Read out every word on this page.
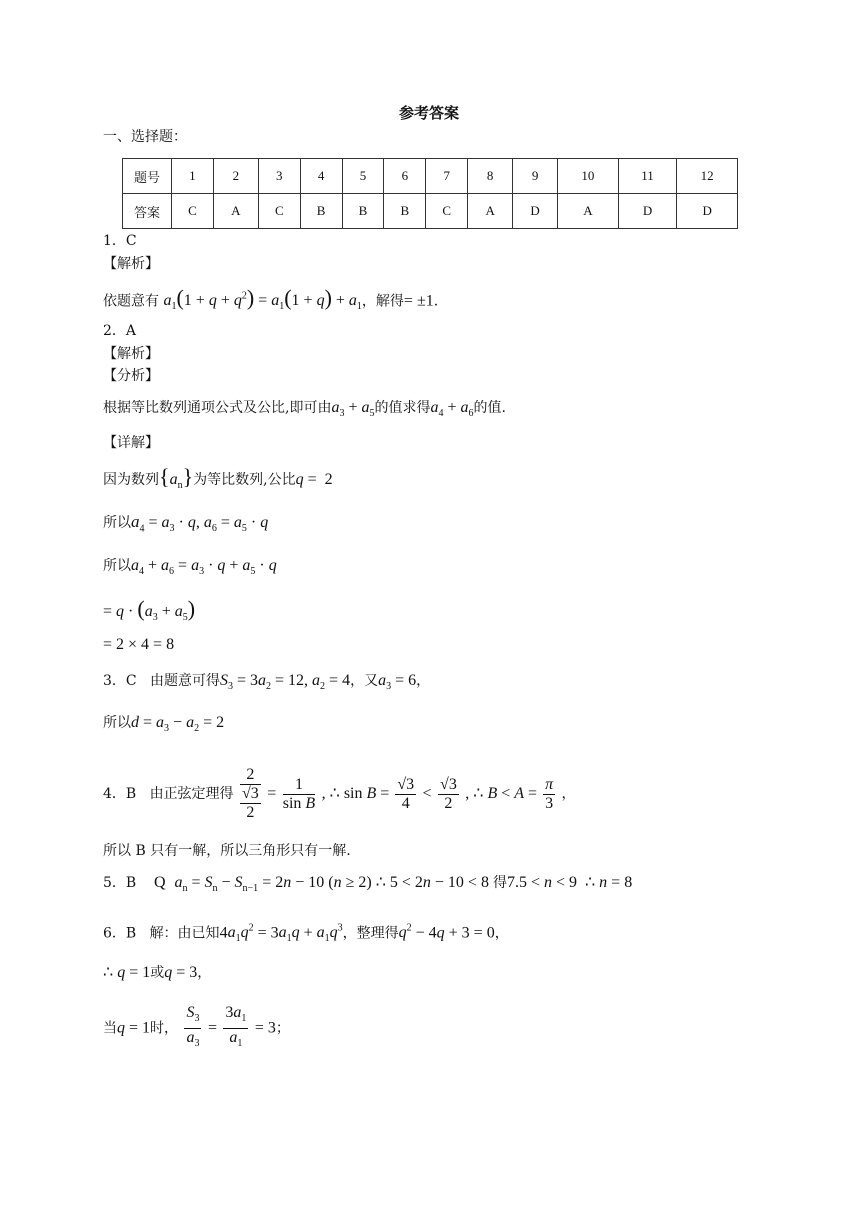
参考答案
一、选择题：
题号	1	2	3	4	5	6	7	8	9	10	11	12
答案	C	A	C	B	B	B	C	A	D	A	D	D
1．C
【解析】
依题意有 $a_1(1 + q + q^2) = a_1(1 + q) + a_1$，解得= ±1.
2．A
【解析】
【分析】
根据等比数列通项公式及公比,即可由$a_3 + a_5$的值求得$a_4 + a_6$的值.
【详解】
因为数列$\{a_n\}$为等比数列,公比q =  2
所以$a_4 = a_3 \cdot q$, $a_6 = a_5 \cdot q$
所以$a_4 + a_6 = a_3 \cdot q + a_5 \cdot q$
= $q \cdot (a_3 + a_5)$
= 2 × 4 = 8
3．C 由题意可得$S_3 = 3a_2 = 12$, $a_2 = 4$，又$a_3 = 6$，
所以$d = a_3 - a_2 = 2$
4．B 由正弦定理得 $\frac{2}{\frac{√3}{2}} = \frac{1}{\text{sin B}}$ , ∴ $\sin B = \frac{√3}{4} < \frac{√3}{2}$ , ∴ $B < A = \frac{\pi}{3}$ ，
所以 B 只有一解，所以三角形只有一解.
5．B Q $a_n = S_n - S_{n-1} = 2n - 10$ (n ≥ 2) ∴ 5 < 2n − 10 < 8 得7.5 < n < 9  ∴ n = 8
6．B 解：由已知$4a_1q^2 = 3a_1q + a_1q^3$，整理得$q^2 - 4q + 3 = 0$，
∴ q = 1或q = 3，
当q = 1时， $\frac{S_3}{a_3} = \frac{3a_1}{a_1} = 3$；
